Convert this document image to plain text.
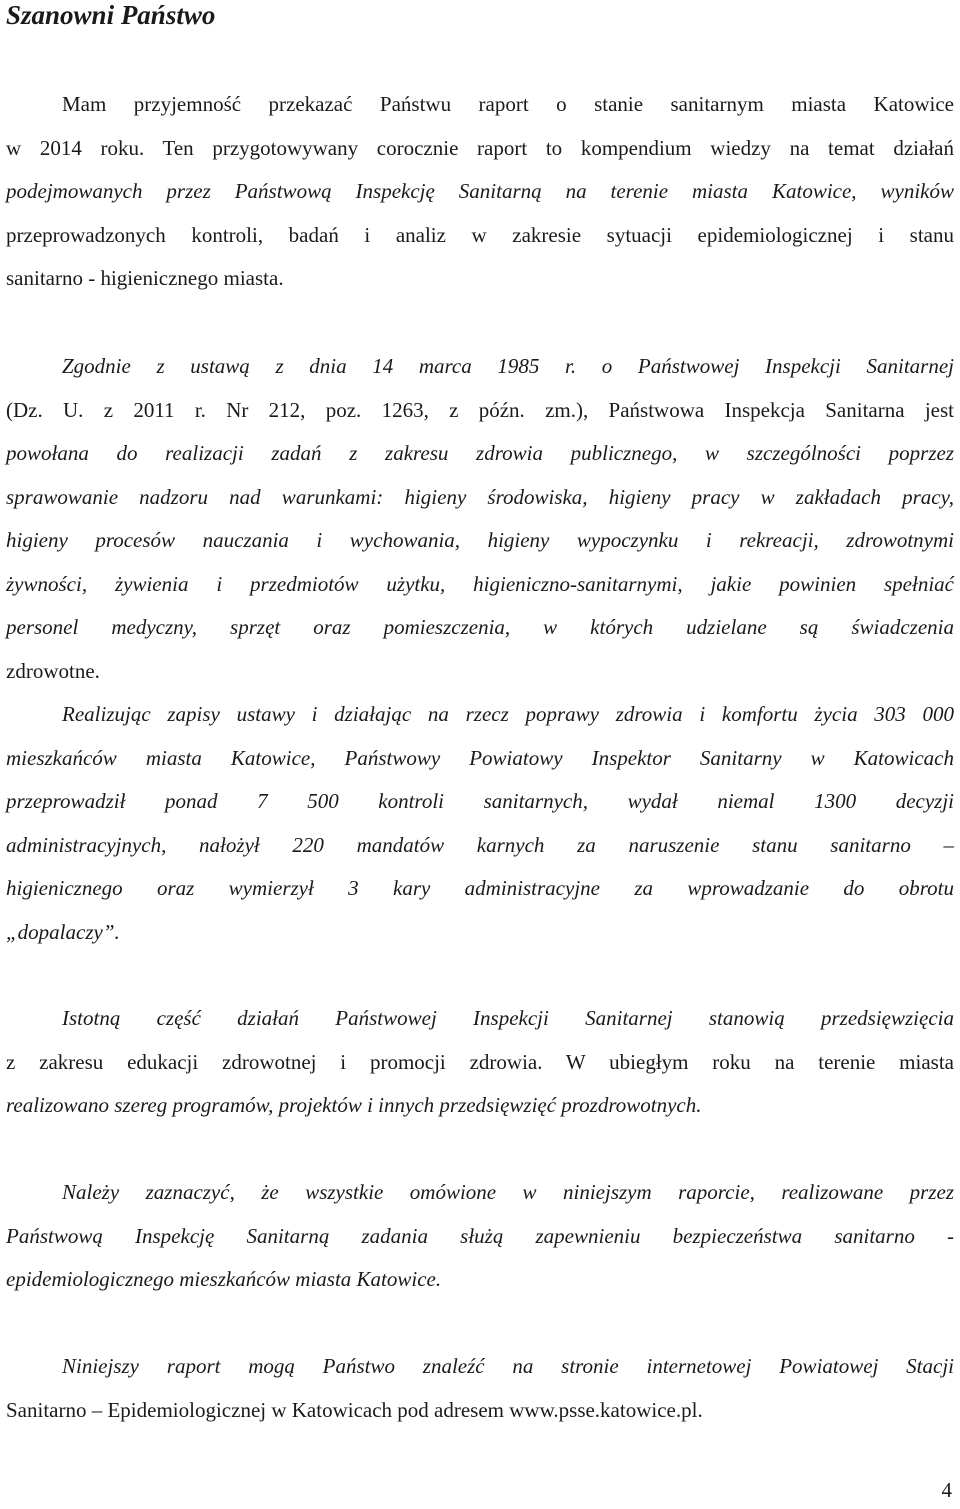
Szanowni Państwo

Mam przyjemność przekazać Państwu raport o stanie sanitarnym miasta Katowice
w 2014 roku. Ten przygotowywany corocznie raport to kompendium wiedzy na temat działań
podejmowanych przez Państwową Inspekcję Sanitarną na terenie miasta Katowice, wyników
przeprowadzonych kontroli, badań i analiz w zakresie sytuacji epidemiologicznej i stanu
sanitarno - higienicznego miasta.

Zgodnie z ustawą z dnia 14 marca 1985 r. o Państwowej Inspekcji Sanitarnej
(Dz. U. z 2011 r. Nr 212, poz. 1263, z późn. zm.), Państwowa Inspekcja Sanitarna jest
powołana do realizacji zadań z zakresu zdrowia publicznego, w szczególności poprzez
sprawowanie nadzoru nad warunkami: higieny środowiska, higieny pracy w zakładach pracy,
higieny procesów nauczania i wychowania, higieny wypoczynku i rekreacji, zdrowotnymi
żywności, żywienia i przedmiotów użytku, higieniczno-sanitarnymi, jakie powinien spełniać
personel medyczny, sprzęt oraz pomieszczenia, w których udzielane są świadczenia
zdrowotne.

Realizując zapisy ustawy i działając na rzecz poprawy zdrowia i komfortu życia 303 000
mieszkańców miasta Katowice, Państwowy Powiatowy Inspektor Sanitarny w Katowicach
przeprowadził ponad 7 500 kontroli sanitarnych, wydał niemal 1300 decyzji
administracyjnych, nałożył 220 mandatów karnych za naruszenie stanu sanitarno –
higienicznego oraz wymierzył 3 kary administracyjne za wprowadzanie do obrotu
„dopalaczy”.

Istotną część działań Państwowej Inspekcji Sanitarnej stanowią przedsięwzięcia
z zakresu edukacji zdrowotnej i promocji zdrowia. W ubiegłym roku na terenie miasta
realizowano szereg programów, projektów i innych przedsięwzięć prozdrowotnych.

Należy zaznaczyć, że wszystkie omówione w niniejszym raporcie, realizowane przez
Państwową Inspekcję Sanitarną zadania służą zapewnieniu bezpieczeństwa sanitarno -
epidemiologicznego mieszkańców miasta Katowice.

Niniejszy raport mogą Państwo znaleźć na stronie internetowej Powiatowej Stacji
Sanitarno – Epidemiologicznej w Katowicach pod adresem www.psse.katowice.pl.

4
